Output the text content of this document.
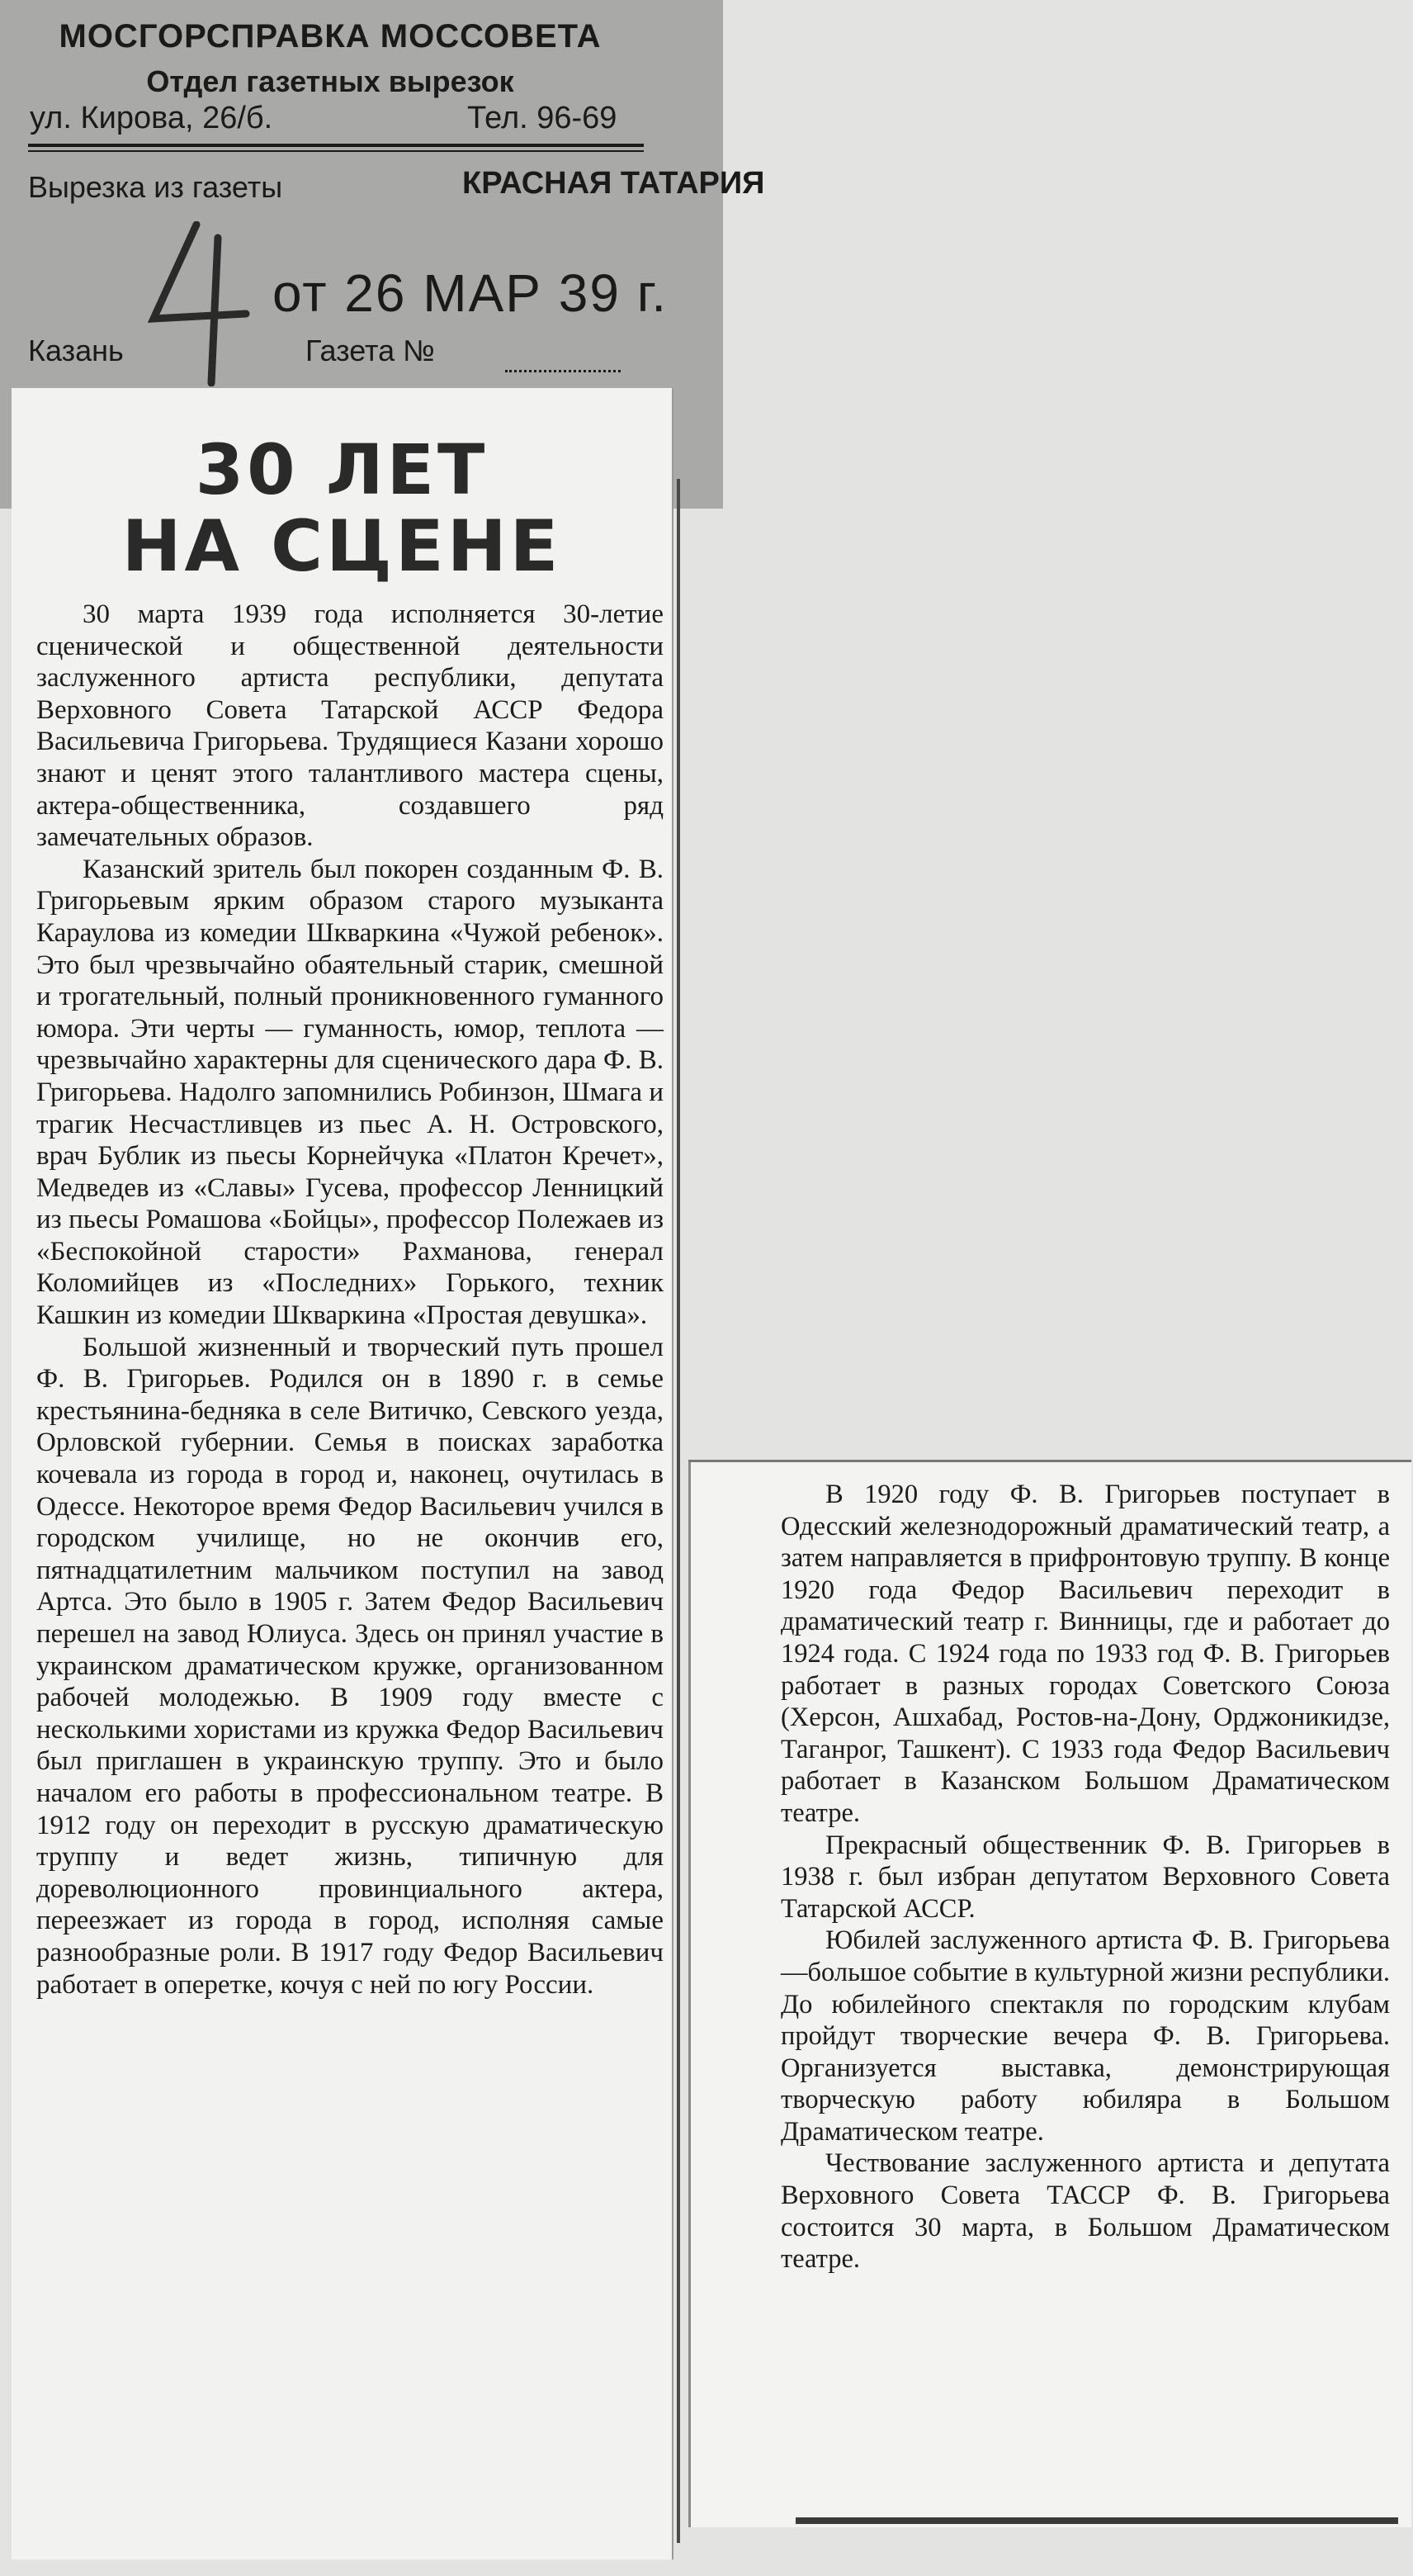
МОСГОРСПРАВКА МОССОВЕТА
Отдел газетных вырезок
ул. Кирова, 26/б.	Тел. 96-69
Вырезка из газеты	КРАСНАЯ ТАТАРИЯ
от 26 МАР 39 г.
Казань	Газета №
30 ЛЕТ
НА СЦЕНЕ

30 марта 1939 года исполняется 30-летие сценической и общественной деятельности заслуженного артиста республики, депутата Верховного Совета Татарской АССР Федора Васильевича Григорьева. Трудящиеся Казани хорошо знают и ценят этого талантливого мастера сцены, актера-общественника, создавшего ряд замечательных образов.

Казанский зритель был покорен созданным Ф. В. Григорьевым ярким образом старого музыканта Караулова из комедии Шкваркина «Чужой ребенок». Это был чрезвычайно обаятельный старик, смешной и трогательный, полный проникновенного гуманного юмора. Эти черты — гуманность, юмор, теплота — чрезвычайно характерны для сценического дара Ф. В. Григорьева. Надолго запомнились Робинзон, Шмага и трагик Несчастливцев из пьес А. Н. Островского, врач Бублик из пьесы Корнейчука «Платон Кречет», Медведев из «Славы» Гусева, профессор Ленницкий из пьесы Ромашова «Бойцы», профессор Полежаев из «Беспокойной старости» Рахманова, генерал Коломийцев из «Последних» Горького, техник Кашкин из комедии Шкваркина «Простая девушка».

Большой жизненный и творческий путь прошел Ф. В. Григорьев. Родился он в 1890 г. в семье крестьянина-бедняка в селе Витичко, Севского уезда, Орловской губернии. Семья в поисках заработка кочевала из города в город и, наконец, очутилась в Одессе. Некоторое время Федор Васильевич учился в городском училище, но не окончив его, пятнадцатилетним мальчиком поступил на завод Артса. Это было в 1905 г. Затем Федор Васильевич перешел на завод Юлиуса. Здесь он принял участие в украинском драматическом кружке, организованном рабочей молодежью. В 1909 году вместе с несколькими хористами из кружка Федор Васильевич был приглашен в украинскую труппу. Это и было началом его работы в профессиональном театре. В 1912 году он переходит в русскую драматическую труппу и ведет жизнь, типичную для дореволюционного провинциального актера, переезжает из города в город, исполняя самые разнообразные роли. В 1917 году Федор Васильевич работает в оперетке, кочуя с ней по югу России.

В 1920 году Ф. В. Григорьев поступает в Одесский железнодорожный драматический театр, а затем направляется в прифронтовую труппу. В конце 1920 года Федор Васильевич переходит в драматический театр г. Винницы, где и работает до 1924 года. С 1924 года по 1933 год Ф. В. Григорьев работает в разных городах Советского Союза (Херсон, Ашхабад, Ростов-на-Дону, Орджоникидзе, Таганрог, Ташкент). С 1933 года Федор Васильевич работает в Казанском Большом Драматическом театре.

Прекрасный общественник Ф. В. Григорьев в 1938 г. был избран депутатом Верховного Совета Татарской АССР.

Юбилей заслуженного артиста Ф. В. Григорьева—большое событие в культурной жизни республики. До юбилейного спектакля по городским клубам пройдут творческие вечера Ф. В. Григорьева. Организуется выставка, демонстрирующая творческую работу юбиляра в Большом Драматическом театре.

Чествование заслуженного артиста и депутата Верховного Совета ТАССР Ф. В. Григорьева состоится 30 марта, в Большом Драматическом театре.
